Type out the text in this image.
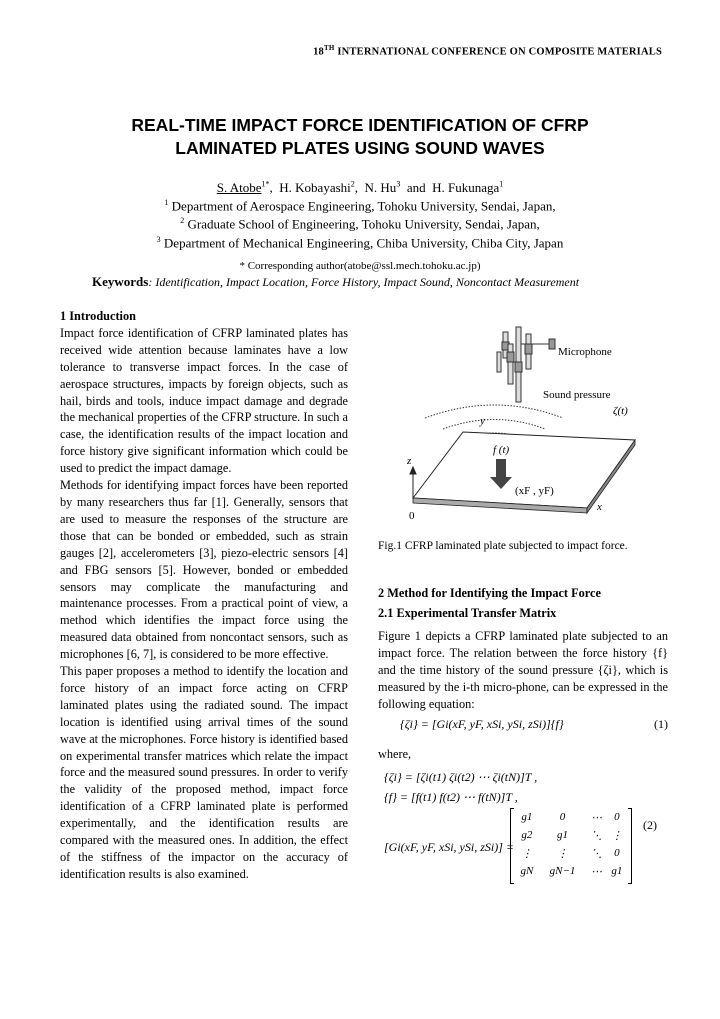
18TH INTERNATIONAL CONFERENCE ON COMPOSITE MATERIALS
REAL-TIME IMPACT FORCE IDENTIFICATION OF CFRP
LAMINATED PLATES USING SOUND WAVES
S. Atobe$^{1*}$,  H. Kobayashi$^2$,  N. Hu$^3$ and H. Fukunaga$^1$
$^1$ Department of Aerospace Engineering, Tohoku University, Sendai, Japan,
$^2$ Graduate School of Engineering, Tohoku University, Sendai, Japan,
$^3$ Department of Mechanical Engineering, Chiba University, Chiba City, Japan
* Corresponding author(atobe@ssl.mech.tohoku.ac.jp)
Keywords: Identification, Impact Location, Force History, Impact Sound, Noncontact Measurement
1 Introduction

Impact force identification of CFRP laminated plates has received wide attention because laminates have a low tolerance to transverse impact forces. In the case of aerospace structures, impacts by foreign objects, such as hail, birds and tools, induce impact damage and degrade the mechanical properties of the CFRP structure. In such a case, the identification results of the impact location and force history give significant information which could be used to predict the impact damage.

Methods for identifying impact forces have been reported by many researchers thus far [1]. Generally, sensors that are used to measure the responses of the structure are those that can be bonded or embedded, such as strain gauges [2], accelerometers [3], piezo-electric sensors [4] and FBG sensors [5]. However, bonded or embedded sensors may complicate the manufacturing and maintenance processes. From a practical point of view, a method which identifies the impact force using the measured data obtained from noncontact sensors, such as microphones [6, 7], is considered to be more effective.

This paper proposes a method to identify the location and force history of an impact force acting on CFRP laminated plates using the radiated sound. The impact location is identified using arrival times of the sound wave at the microphones. Force history is identified based on experimental transfer matrices which relate the impact force and the measured sound pressures. In order to verify the validity of the proposed method, impact force identification of a CFRP laminated plate is performed experimentally, and the identification results are compared with the measured ones. In addition, the effect of the stiffness of the impactor on the accuracy of identification results is also examined.

Microphone
Sound pressure
ζ(t)
y
f (t)
(xF , yF)
z
0
x
Fig.1 CFRP laminated plate subjected to impact force.
2 Method for Identifying the Impact Force
2.1 Experimental Transfer Matrix

Figure 1 depicts a CFRP laminated plate subjected to an impact force. The relation between the force history {f} and the time history of the sound pressure {ζi}, which is measured by the i-th micro-phone, can be expressed in the following equation:

{ζi} = [Gi(xF, yF, xSi, ySi, zSi)]{f}	(1)
where,
{ζi} = [ζi(t1) ζi(t2) ⋯ ζi(tN)]T ,
{f} = [f(t1) f(t2) ⋯ f(tN)]T ,
[Gi(xF, yF, xSi, ySi, zSi)] =
(2)
g1	0	⋯	0
g2	g1	⋱	⋮
⋮	⋮	⋱	0
gN	gN−1	⋯	g1
